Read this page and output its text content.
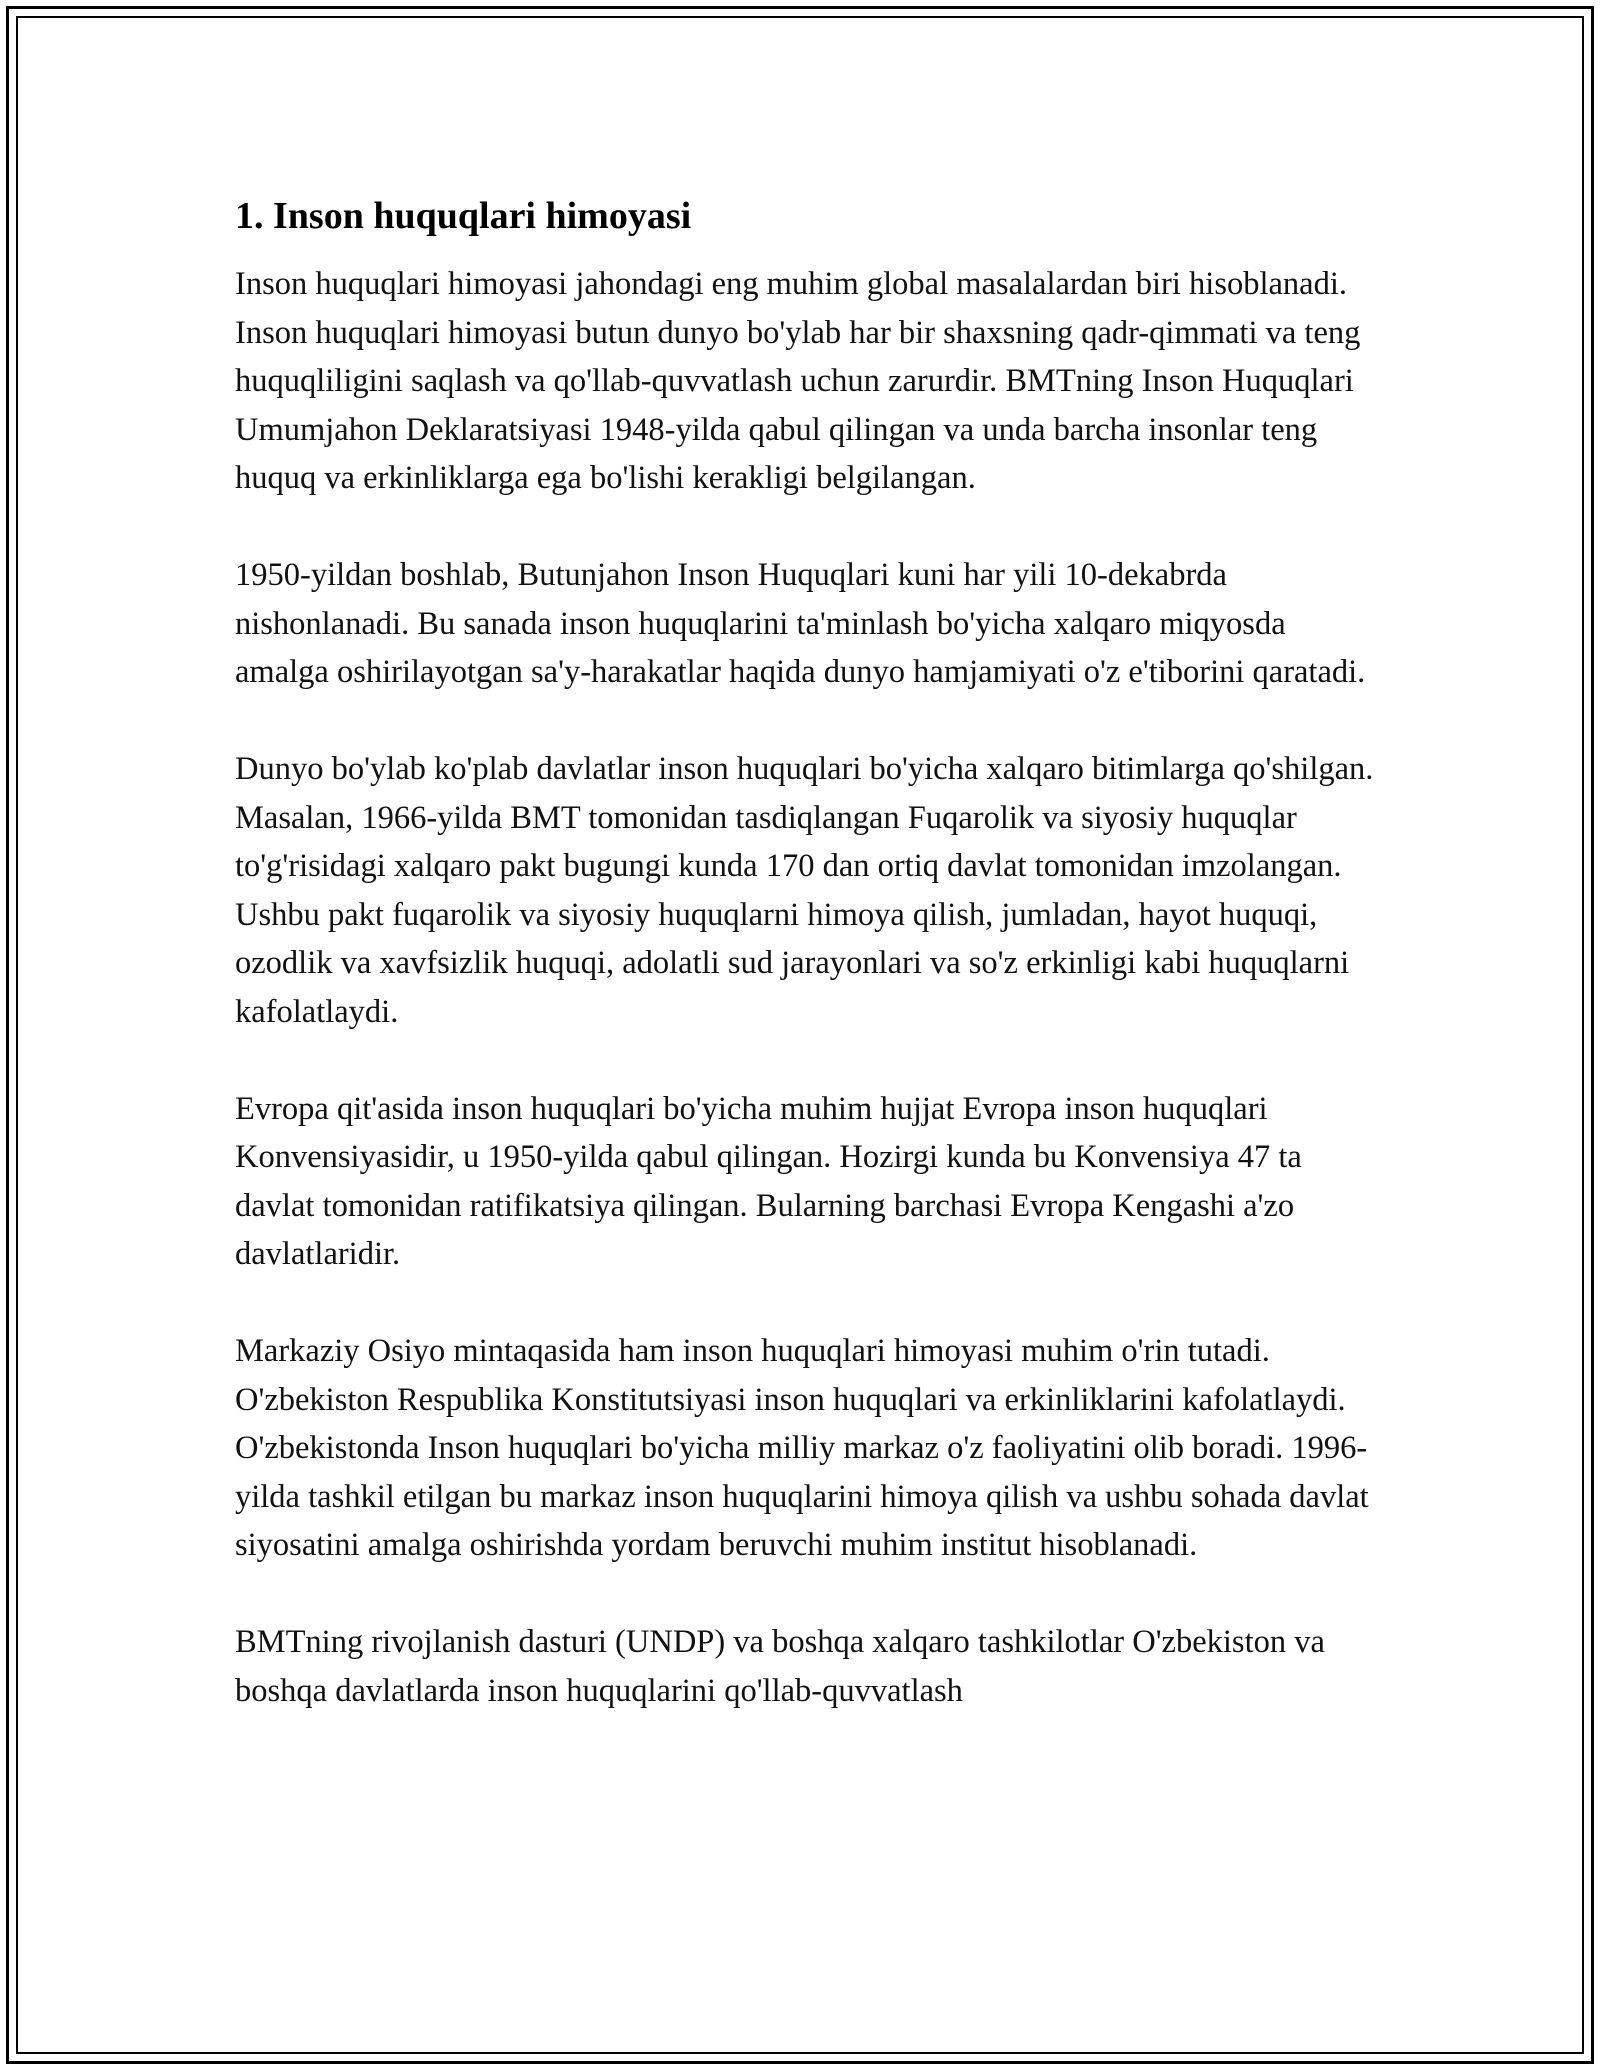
1. Inson huquqlari himoyasi

Inson huquqlari himoyasi jahondagi eng muhim global masalalardan biri hisoblanadi. Inson huquqlari himoyasi butun dunyo bo'ylab har bir shaxsning qadr-qimmati va teng huquqliligini saqlash va qo'llab-quvvatlash uchun zarurdir. BMTning Inson Huquqlari Umumjahon Deklaratsiyasi 1948-yilda qabul qilingan va unda barcha insonlar teng huquq va erkinliklarga ega bo'lishi kerakligi belgilangan.

1950-yildan boshlab, Butunjahon Inson Huquqlari kuni har yili 10-dekabrda nishonlanadi. Bu sanada inson huquqlarini ta'minlash bo'yicha xalqaro miqyosda amalga oshirilayotgan sa'y-harakatlar haqida dunyo hamjamiyati o'z e'tiborini qaratadi.

Dunyo bo'ylab ko'plab davlatlar inson huquqlari bo'yicha xalqaro bitimlarga qo'shilgan. Masalan, 1966-yilda BMT tomonidan tasdiqlangan Fuqarolik va siyosiy huquqlar to'g'risidagi xalqaro pakt bugungi kunda 170 dan ortiq davlat tomonidan imzolangan. Ushbu pakt fuqarolik va siyosiy huquqlarni himoya qilish, jumladan, hayot huquqi, ozodlik va xavfsizlik huquqi, adolatli sud jarayonlari va so'z erkinligi kabi huquqlarni kafolatlaydi.

Evropa qit'asida inson huquqlari bo'yicha muhim hujjat Evropa inson huquqlari Konvensiyasidir, u 1950-yilda qabul qilingan. Hozirgi kunda bu Konvensiya 47 ta davlat tomonidan ratifikatsiya qilingan. Bularning barchasi Evropa Kengashi a'zo davlatlaridir.

Markaziy Osiyo mintaqasida ham inson huquqlari himoyasi muhim o'rin tutadi. O'zbekiston Respublika Konstitutsiyasi inson huquqlari va erkinliklarini kafolatlaydi. O'zbekistonda Inson huquqlari bo'yicha milliy markaz o'z faoliyatini olib boradi. 1996-yilda tashkil etilgan bu markaz inson huquqlarini himoya qilish va ushbu sohada davlat siyosatini amalga oshirishda yordam beruvchi muhim institut hisoblanadi.

BMTning rivojlanish dasturi (UNDP) va boshqa xalqaro tashkilotlar O'zbekiston va boshqa davlatlarda inson huquqlarini qo'llab-quvvatlash
